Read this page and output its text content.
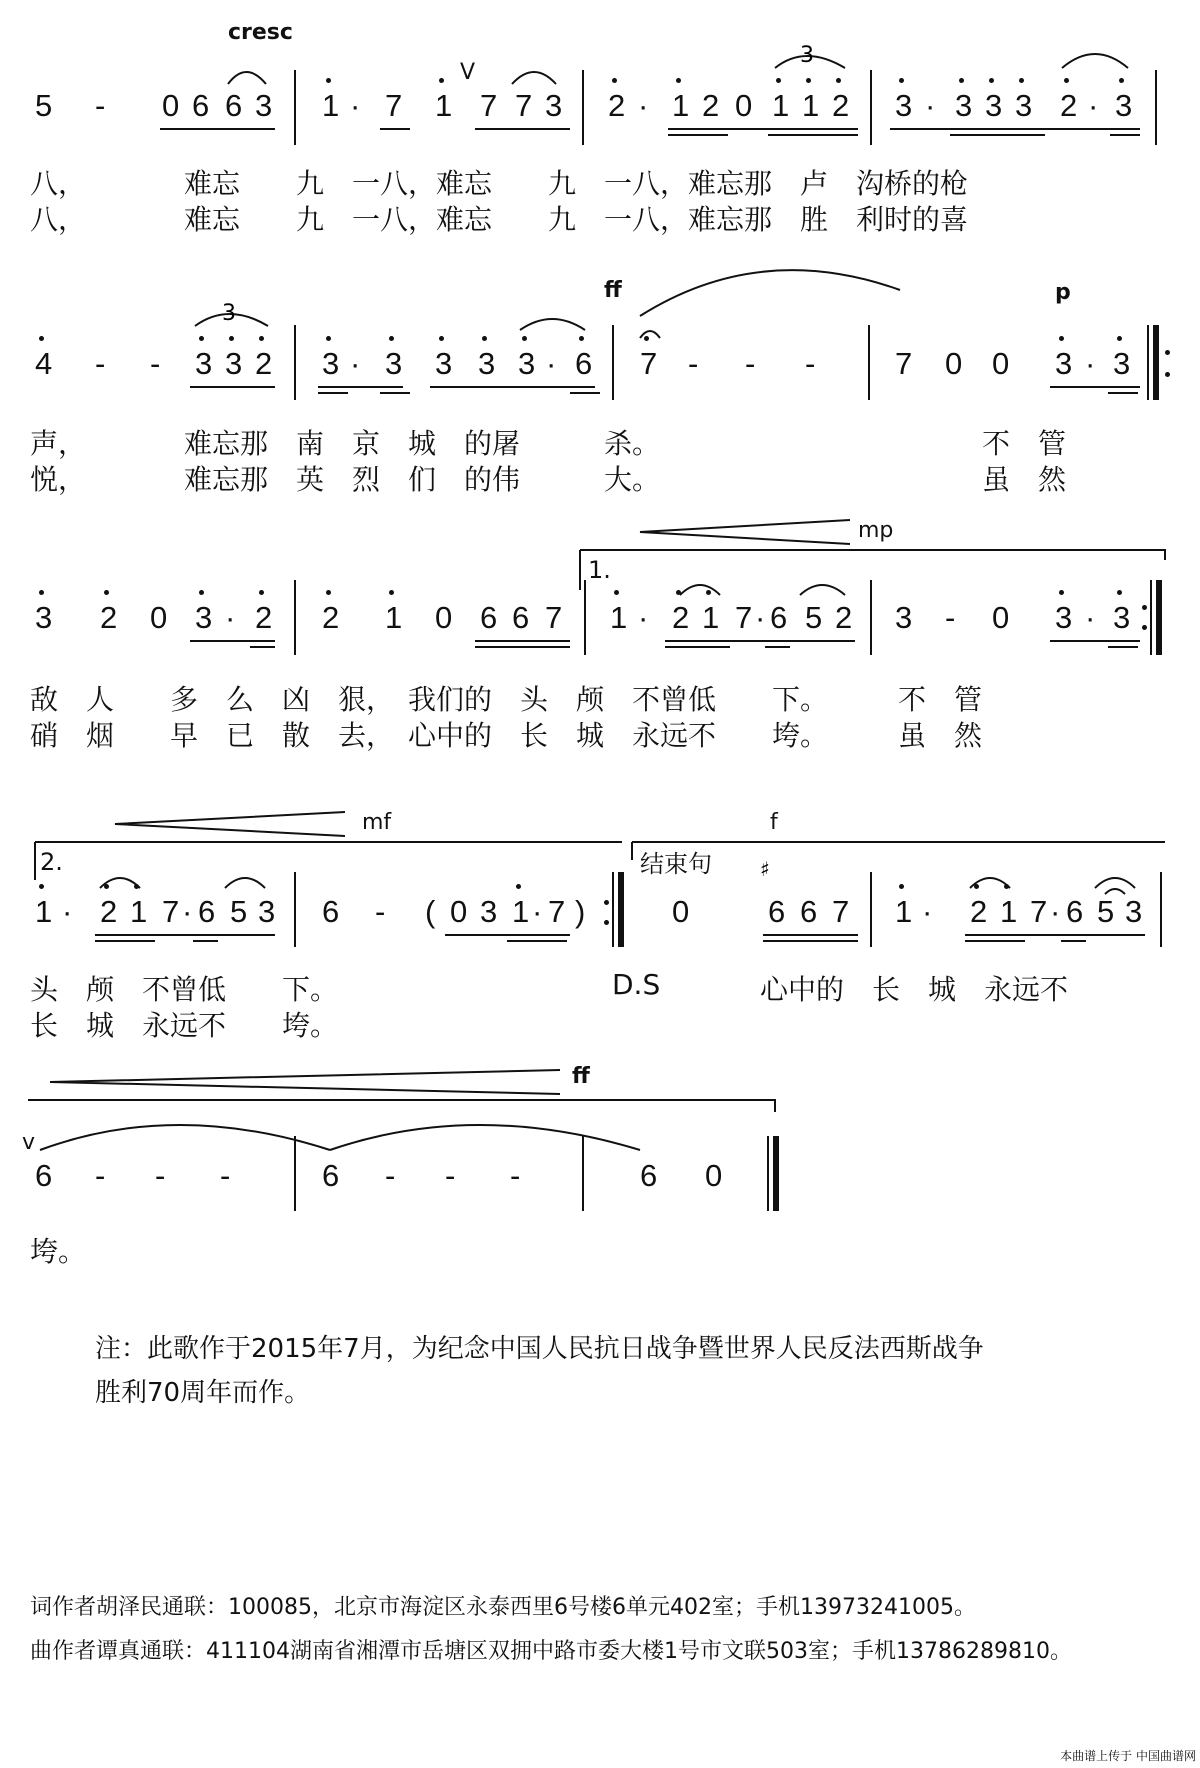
cresc
V
5 - 0 6 6 3 1 · 7 1 7 7 3 2 · 1 2 0 1 1 2 3 · 3 3 3 2 · 3
3
八，　　　　难忘　　九　一八，难忘　　九　一八，难忘那　卢　沟桥的枪
八，　　　　难忘　　九　一八，难忘　　九　一八，难忘那　胜　利时的喜
ff	p
4 - - 3 3 2 3 · 3 3 3 3 · 6 7 - - -	7 0 0 3 · 3
3
声，　　　　难忘那　南　京　城　的屠　　　杀。　　　　　　　　　　　　不　管
悦，　　　　难忘那　英　烈　们　的伟　　　大。　　　　　　　　　　　　虽　然
mp
1.
3 2 0 3 · 2 2 1 0 6 6 7 1 · 2 1 7 · 6 5 2 3 - 0 3 · 3
敌　人　　多　么　凶　狠，　我们的　头　颅　不曾低　　下。　　　不　管
硝　烟　　早　已　散　去，　心中的　长　城　永远不　　垮。　　　虽　然
♯
mf	f
2.	结束句
1 · 2 1 7 · 6 5 3 6 - ( 0 3 1 · 7 )	0	6 6 7 1 · 2 1 7 · 6 5 3
头　颅　不曾低　　下。
长　城　永远不　　垮。
D.S	心中的　长　城　永远不
ff
v
6 - - -	6 - - -	6 0
垮。
注：此歌作于2015年7月，为纪念中国人民抗日战争暨世界人民反法西斯战争
胜利70周年而作。
词作者胡泽民通联：100085，北京市海淀区永泰西里6号楼6单元402室；手机13973241005。
曲作者谭真通联：411104湖南省湘潭市岳塘区双拥中路市委大楼1号市文联503室；手机13786289810。
本曲谱上传于 中国曲谱网
